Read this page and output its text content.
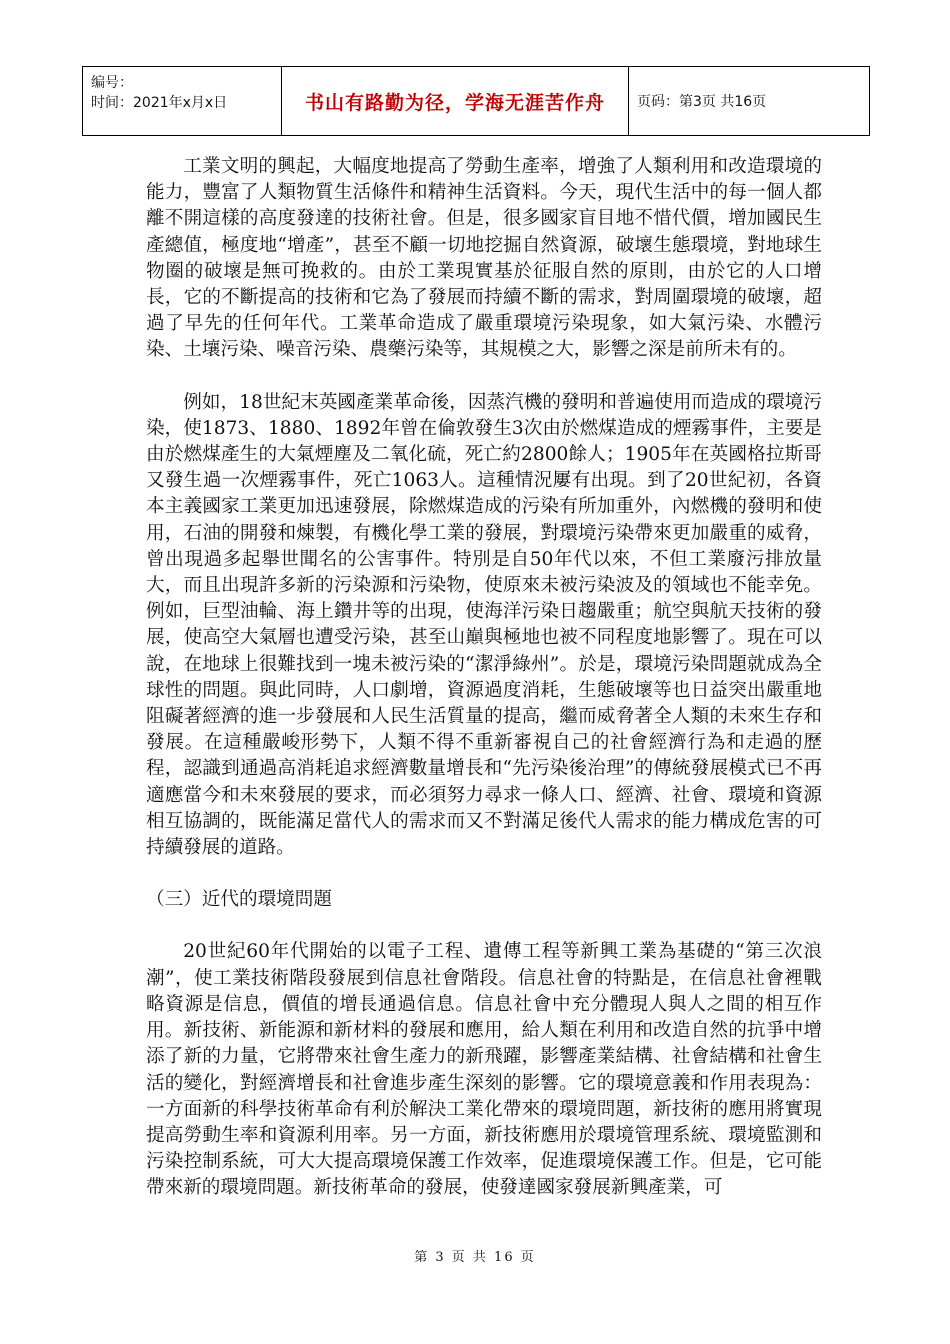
编号：
时间：2021年x月x日	书山有路勤为径，学海无涯苦作舟	页码：第3页 共16页

工業文明的興起，大幅度地提高了勞動生產率，增強了人類利用和改造環境的能力，豐富了人類物質生活條件和精神生活資料。今天，現代生活中的每一個人都離不開這樣的高度發達的技術社會。但是，很多國家盲目地不惜代價，增加國民生產總值，極度地“增產”，甚至不顧一切地挖掘自然資源，破壞生態環境，對地球生物圈的破壞是無可挽救的。由於工業現實基於征服自然的原則，由於它的人口增長，它的不斷提高的技術和它為了發展而持續不斷的需求，對周圍環境的破壞，超過了早先的任何年代。工業革命造成了嚴重環境污染現象，如大氣污染、水體污染、土壤污染、噪音污染、農藥污染等，其規模之大，影響之深是前所未有的。

例如，18世紀末英國產業革命後，因蒸汽機的發明和普遍使用而造成的環境污染，使1873、1880、1892年曾在倫敦發生3次由於燃煤造成的煙霧事件，主要是由於燃煤產生的大氣煙塵及二氧化硫，死亡約2800餘人；1905年在英國格拉斯哥又發生過一次煙霧事件，死亡1063人。這種情況屢有出現。到了20世紀初，各資本主義國家工業更加迅速發展，除燃煤造成的污染有所加重外，內燃機的發明和使用，石油的開發和煉製，有機化學工業的發展，對環境污染帶來更加嚴重的威脅，曾出現過多起舉世聞名的公害事件。特別是自50年代以來，不但工業廢污排放量大，而且出現許多新的污染源和污染物，使原來未被污染波及的領域也不能幸免。例如，巨型油輪、海上鑽井等的出現，使海洋污染日趨嚴重；航空與航天技術的發展，使高空大氣層也遭受污染，甚至山巔與極地也被不同程度地影響了。現在可以說，在地球上很難找到一塊未被污染的“潔淨綠州”。於是，環境污染問題就成為全球性的問題。與此同時，人口劇增，資源過度消耗，生態破壞等也日益突出嚴重地阻礙著經濟的進一步發展和人民生活質量的提高，繼而威脅著全人類的未來生存和發展。在這種嚴峻形勢下，人類不得不重新審視自己的社會經濟行為和走過的歷程，認識到通過高消耗追求經濟數量增長和“先污染後治理”的傳統發展模式已不再適應當今和未來發展的要求，而必須努力尋求一條人口、經濟、社會、環境和資源相互協調的，既能滿足當代人的需求而又不對滿足後代人需求的能力構成危害的可持續發展的道路。

（三）近代的環境問題

20世紀60年代開始的以電子工程、遺傳工程等新興工業為基礎的“第三次浪潮”，使工業技術階段發展到信息社會階段。信息社會的特點是，在信息社會裡戰略資源是信息，價值的增長通過信息。信息社會中充分體現人與人之間的相互作用。新技術、新能源和新材料的發展和應用，給人類在利用和改造自然的抗爭中增添了新的力量，它將帶來社會生產力的新飛躍，影響產業結構、社會結構和社會生活的變化，對經濟增長和社會進步產生深刻的影響。它的環境意義和作用表現為：一方面新的科學技術革命有利於解決工業化帶來的環境問題，新技術的應用將實現提高勞動生率和資源利用率。另一方面，新技術應用於環境管理系統、環境監測和污染控制系統，可大大提高環境保護工作效率，促進環境保護工作。但是，它可能帶來新的環境問題。新技術革命的發展，使發達國家發展新興產業，可

第 3 页 共 16 页
